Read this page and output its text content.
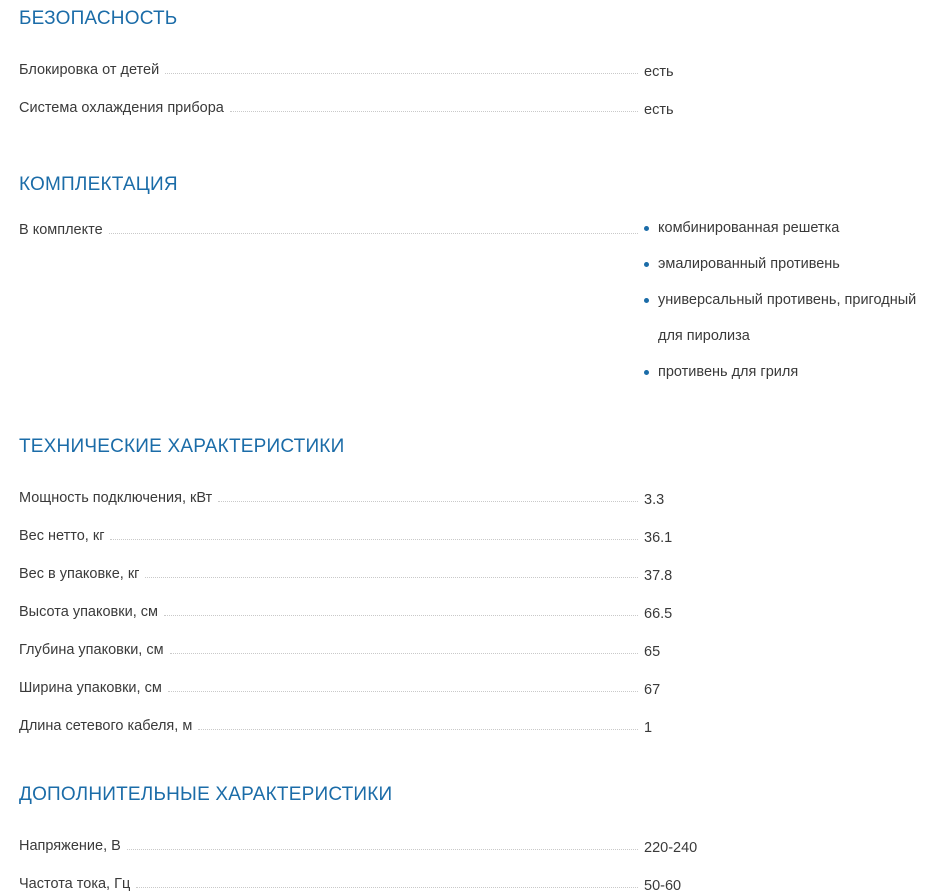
БЕЗОПАСНОСТЬ
Блокировка от детей	есть

Система охлаждения прибора	есть
КОМПЛЕКТАЦИЯ
В комплекте	комбинированная решетка
эмалированный противень
универсальный противень, пригодный для пиролиза
противень для гриля
ТЕХНИЧЕСКИЕ ХАРАКТЕРИСТИКИ
Мощность подключения, кВт	3.3

Вес нетто, кг	36.1

Вес в упаковке, кг	37.8

Высота упаковки, см	66.5

Глубина упаковки, см	65

Ширина упаковки, см	67

Длина сетевого кабеля, м	1
ДОПОЛНИТЕЛЬНЫЕ ХАРАКТЕРИСТИКИ
Напряжение, В	220-240

Частота тока, Гц	50-60
